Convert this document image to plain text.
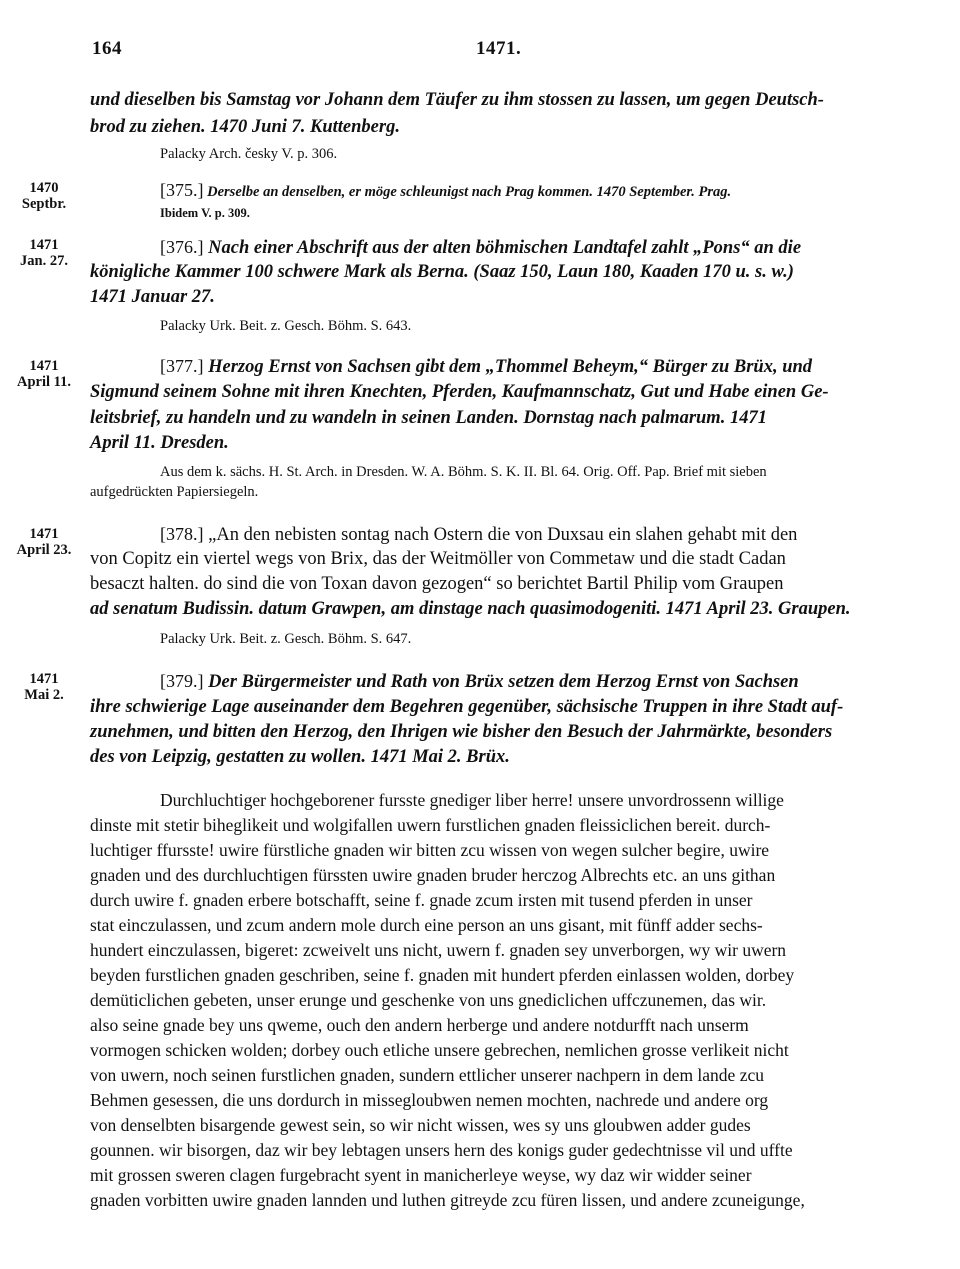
164	1471.
und dieselben bis Samstag vor Johann dem Täufer zu ihm stossen zu lassen, um gegen Deutsch-
brod zu ziehen. 1470 Juni 7. Kuttenberg.
Palacky Arch. česky V. p. 306.
1470
Septbr.
[375.] Derselbe an denselben, er möge schleunigst nach Prag kommen. 1470 September. Prag.
Ibidem V. p. 309.
1471
Jan. 27.
[376.] Nach einer Abschrift aus der alten böhmischen Landtafel zahlt „Pons“ an die
königliche Kammer 100 schwere Mark als Berna. (Saaz 150, Laun 180, Kaaden 170 u. s. w.)
1471 Januar 27.
Palacky Urk. Beit. z. Gesch. Böhm. S. 643.
1471
April 11.
[377.] Herzog Ernst von Sachsen gibt dem „Thommel Beheym,“ Bürger zu Brüx, und
Sigmund seinem Sohne mit ihren Knechten, Pferden, Kaufmannschatz, Gut und Habe einen Ge-
leitsbrief, zu handeln und zu wandeln in seinen Landen. Dornstag nach palmarum. 1471
April 11. Dresden.
Aus dem k. sächs. H. St. Arch. in Dresden. W. A. Böhm. S. K. II. Bl. 64. Orig. Off. Pap. Brief mit sieben
aufgedrückten Papiersiegeln.
1471
April 23.
[378.] „An den nebisten sontag nach Ostern die von Duxsau ein slahen gehabt mit den
von Copitz ein viertel wegs von Brix, das der Weitmöller von Commetaw und die stadt Cadan
besaczt halten. do sind die von Toxan davon gezogen“ so berichtet Bartil Philip vom Graupen
ad senatum Budissin. datum Grawpen, am dinstage nach quasimodogeniti. 1471 April 23. Graupen.
Palacky Urk. Beit. z. Gesch. Böhm. S. 647.
1471
Mai 2.
[379.] Der Bürgermeister und Rath von Brüx setzen dem Herzog Ernst von Sachsen
ihre schwierige Lage auseinander dem Begehren gegenüber, sächsische Truppen in ihre Stadt auf-
zunehmen, und bitten den Herzog, den Ihrigen wie bisher den Besuch der Jahrmärkte, besonders
des von Leipzig, gestatten zu wollen. 1471 Mai 2. Brüx.
Durchluchtiger hochgeborener fursste gnediger liber herre! unsere unvordrossenn willige
dinste mit stetir biheglikeit und wolgifallen uwern furstlichen gnaden fleissiclichen bereit. durch-
luchtiger ffursste! uwire fürstliche gnaden wir bitten zcu wissen von wegen sulcher begire, uwire
gnaden und des durchluchtigen fürssten uwire gnaden bruder herczog Albrechts etc. an uns githan
durch uwire f. gnaden erbere botschafft, seine f. gnade zcum irsten mit tusend pferden in unser
stat einczulassen, und zcum andern mole durch eine person an uns gisant, mit fünff adder sechs-
hundert einczulassen, bigeret: zcweivelt uns nicht, uwern f. gnaden sey unverborgen, wy wir uwern
beyden furstlichen gnaden geschriben, seine f. gnaden mit hundert pferden einlassen wolden, dorbey
demüticlichen gebeten, unser erunge und geschenke von uns gnediclichen uffczunemen, das wir.
also seine gnade bey uns qweme, ouch den andern herberge und andere notdurfft nach unserm
vormogen schicken wolden; dorbey ouch etliche unsere gebrechen, nemlichen grosse verlikeit nicht
von uwern, noch seinen furstlichen gnaden, sundern ettlicher unserer nachpern in dem lande zcu
Behmen gesessen, die uns dordurch in missegloubwen nemen mochten, nachrede und andere org
von denselbten bisargende gewest sein, so wir nicht wissen, wes sy uns gloubwen adder gudes
gounnen. wir bisorgen, daz wir bey lebtagen unsers hern des konigs guder gedechtnisse vil und uffte
mit grossen sweren clagen furgebracht syent in manicherleye weyse, wy daz wir widder seiner
gnaden vorbitten uwire gnaden lannden und luthen gitreyde zcu füren lissen, und andere zcuneigunge,
